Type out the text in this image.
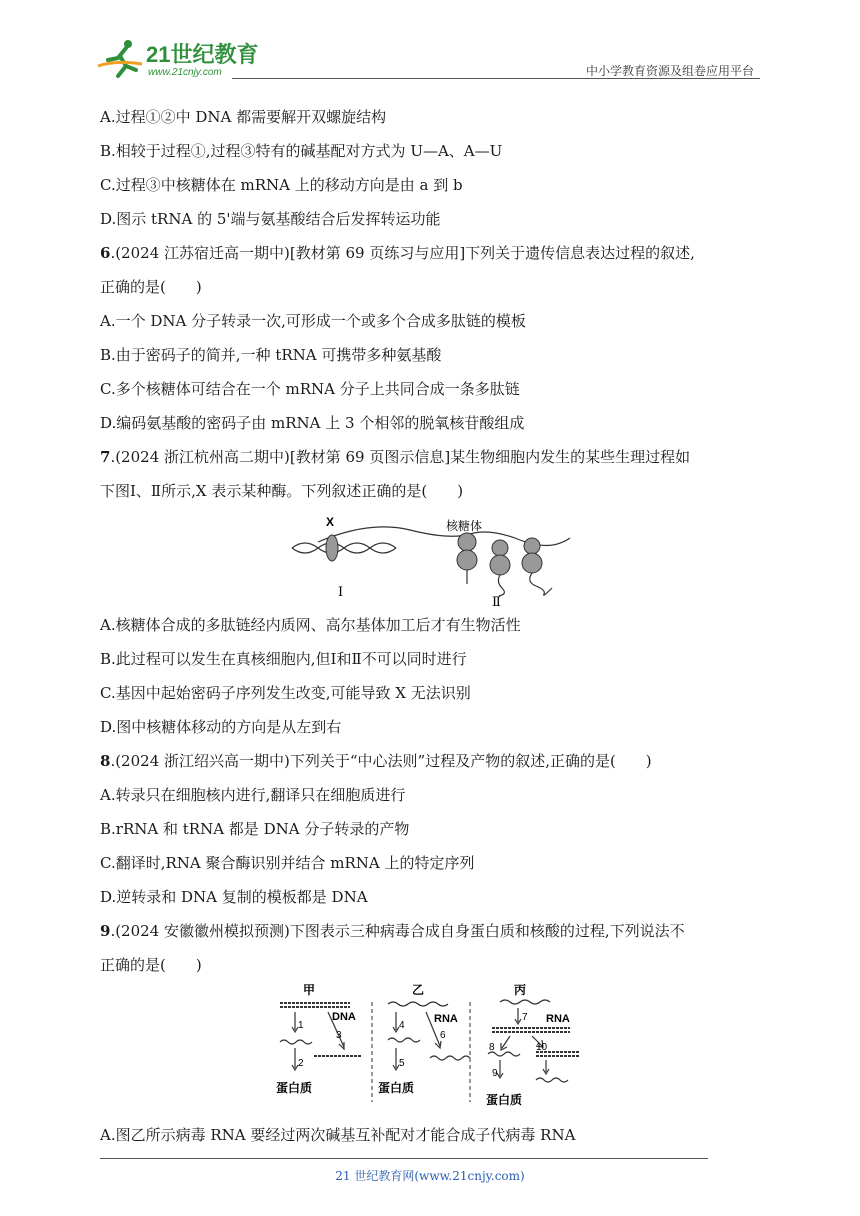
21世纪教育
www.21cnjy.com	中小学教育资源及组卷应用平台
A.过程①②中 DNA 都需要解开双螺旋结构
B.相较于过程①,过程③特有的碱基配对方式为 U—A、A—U
C.过程③中核糖体在 mRNA 上的移动方向是由 a 到 b
D.图示 tRNA 的 5'端与氨基酸结合后发挥转运功能
6.(2024 江苏宿迁高一期中)[教材第 69 页练习与应用]下列关于遗传信息表达过程的叙述,
正确的是(　　)
A.一个 DNA 分子转录一次,可形成一个或多个合成多肽链的模板
B.由于密码子的简并,一种 tRNA 可携带多种氨基酸
C.多个核糖体可结合在一个 mRNA 分子上共同合成一条多肽链
D.编码氨基酸的密码子由 mRNA 上 3 个相邻的脱氧核苷酸组成
7.(2024 浙江杭州高二期中)[教材第 69 页图示信息]某生物细胞内发生的某些生理过程如
下图Ⅰ、Ⅱ所示,X 表示某种酶。下列叙述正确的是(　　)
X	核糖体
Ⅰ
Ⅱ
A.核糖体合成的多肽链经内质网、高尔基体加工后才有生物活性
B.此过程可以发生在真核细胞内,但Ⅰ和Ⅱ不可以同时进行
C.基因中起始密码子序列发生改变,可能导致 X 无法识别
D.图中核糖体移动的方向是从左到右
8.(2024 浙江绍兴高一期中)下列关于“中心法则”过程及产物的叙述,正确的是(　　)
A.转录只在细胞核内进行,翻译只在细胞质进行
B.rRNA 和 tRNA 都是 DNA 分子转录的产物
C.翻译时,RNA 聚合酶识别并结合 mRNA 上的特定序列
D.逆转录和 DNA 复制的模板都是 DNA
9.(2024 安徽徽州模拟预测)下图表示三种病毒合成自身蛋白质和核酸的过程,下列说法不
正确的是(　　)
甲	乙	丙
1
2
3
DNA
蛋白质
4
5
6
RNA
蛋白质
7
8
9
10
RNA
蛋白质
A.图乙所示病毒 RNA 要经过两次碱基互补配对才能合成子代病毒 RNA
21 世纪教育网(www.21cnjy.com)
